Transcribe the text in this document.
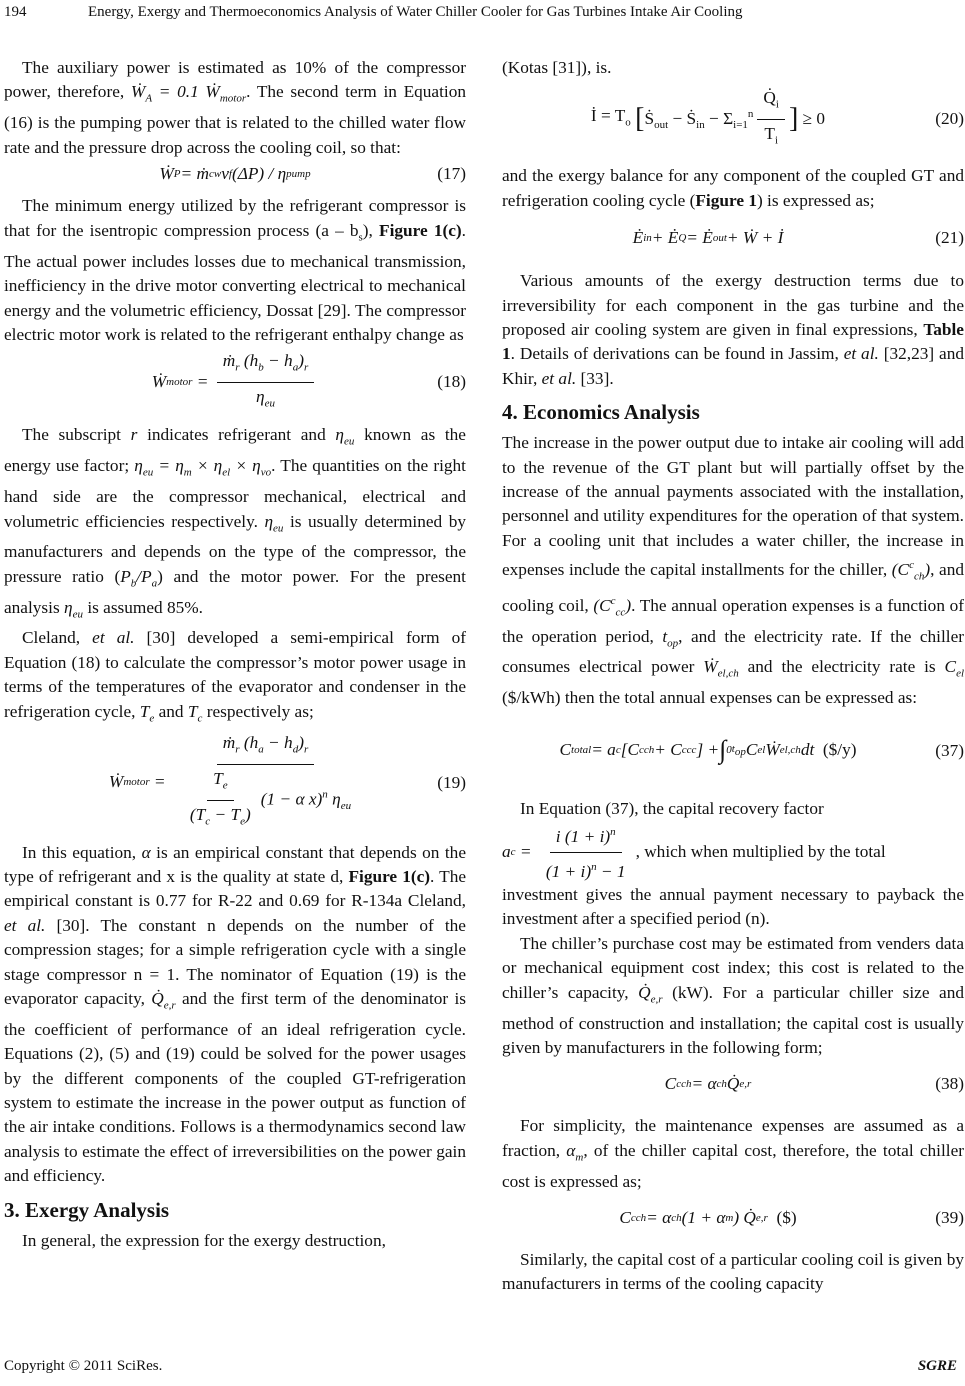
194	Energy, Exergy and Thermoeconomics Analysis of Water Chiller Cooler for Gas Turbines Intake Air Cooling

The auxiliary power is estimated as 10% of the compressor power, therefore, Ẇ$_A$ = 0.1 Ẇ$_{motor}$. The second term in Equation (16) is the pumping power that is related to the chilled water flow rate and the pressure drop across the cooling coil, so that:

Ẇ P = ṁ cw v f (ΔP) / η pump	(17)

The minimum energy utilized by the refrigerant compressor is that for the isentropic compression process $(a - b_s)$, Figure 1(c). The actual power includes losses due to mechanical transmission, inefficiency in the drive motor converting electrical to mechanical energy and the volumetric efficiency, Dossat [29]. The compressor electric motor work is related to the refrigerant enthalpy change as

Ẇ motor = $\frac{ṁ_r (h_b - h_a)_r}{\eta_{eu}}$	(18)

The subscript r indicates refrigerant and $\eta_{eu}$ known as the energy use factor; $\eta_{eu} = \eta_m \times \eta_{el} \times \eta_{vo}$. The quantities on the right hand side are the compressor mechanical, electrical and volumetric efficiencies respectively. $\eta_{eu}$ is usually determined by manufacturers and depends on the type of the compressor, the pressure ratio $(P_b/P_a)$ and the motor power. For the present analysis $\eta_{eu}$ is assumed 85%.

Cleland, et al. [30] developed a semi-empirical form of Equation (18) to calculate the compressor’s motor power usage in terms of the temperatures of the evaporator and condenser in the refrigeration cycle, $T_e$ and $T_c$ respectively as;

Ẇ motor = $\frac{ṁ_r (h_a - h_d)_r}{\frac{T_e}{(T_c - T_e)} (1 - \alpha x)^n \eta_{eu}}$	(19)

In this equation, α is an empirical constant that depends on the type of refrigerant and x is the quality at state d, Figure 1(c). The empirical constant is 0.77 for R-22 and 0.69 for R-134a Cleland, et al. [30]. The constant n depends on the number of the compression stages; for a simple refrigeration cycle with a single stage compressor n = 1. The nominator of Equation (19) is the evaporator capacity, $Q̇_{e,r}$ and the first term of the denominator is the coefficient of performance of an ideal refrigeration cycle. Equations (2), (5) and (19) could be solved for the power usages by the different components of the coupled GT-refrigeration system to estimate the increase in the power output as function of the air intake conditions. Follows is a thermodynamics second law analysis to estimate the effect of irreversibilities on the power gain and efficiency.

3. Exergy Analysis

In general, the expression for the exergy destruction,

(Kotas [31]), is.

İ = $T_o$
[ Ṡ$_{out}$ − Ṡ$_{in}$ − $\Sigma_{i=1}^n \frac{Q̇_i}{T_i}$ ]
≥ 0	(20)

and the exergy balance for any component of the coupled GT and refrigeration cooling cycle (Figure 1) is expressed as;

Ė in + Ė Q = Ė out + Ẇ + İ	(21)

Various amounts of the exergy destruction terms due to irreversibility for each component in the gas turbine and the proposed air cooling system are given in final expressions, Table 1. Details of derivations can be found in Jassim, et al. [32,23] and Khir, et al. [33].

4. Economics Analysis

The increase in the power output due to intake air cooling will add to the revenue of the GT plant but will partially offset by the increase of the annual payments associated with the installation, personnel and utility expenditures for the operation of that system. For a cooling unit that includes a water chiller, the increase in expenses include the capital installments for the chiller, $(C^c_{ch})$, and cooling coil, $(C^c_{cc})$. The annual operation expenses is a function of the operation period, $t_{op}$, and the electricity rate. If the chiller consumes electrical power Ẇ$_{el,ch}$ and the electricity rate is $C_{el}$ ($/kWh) then the total annual expenses can be expressed as:

C total = a c [C c ch + C c cc ] + ∫ 0 $t_{op}$ C el Ẇ el,ch d t
($/y)	(37)

In Equation (37), the capital recovery factor

a $c = \frac{i (1 + i)^n}{(1 + i)^n - 1}$ , which when multiplied by the total

investment gives the annual payment necessary to payback the investment after a specified period (n).

The chiller’s purchase cost may be estimated from venders data or mechanical equipment cost index; this cost is related to the chiller’s capacity, $Q̇_{e,r}$ (kW). For a particular chiller size and method of construction and installation; the capital cost is usually given by manufacturers in the following form;

C c ch = α ch Q̇ e,r	(38)

For simplicity, the maintenance expenses are assumed as a fraction, $\alpha_m$, of the chiller capital cost, therefore, the total chiller cost is expressed as;

C c ch = α ch (1 + α m ) Q̇ e,r
($)	(39)

Similarly, the capital cost of a particular cooling coil is given by manufacturers in terms of the cooling capacity

Copyright © 2011 SciRes.	SGRE
